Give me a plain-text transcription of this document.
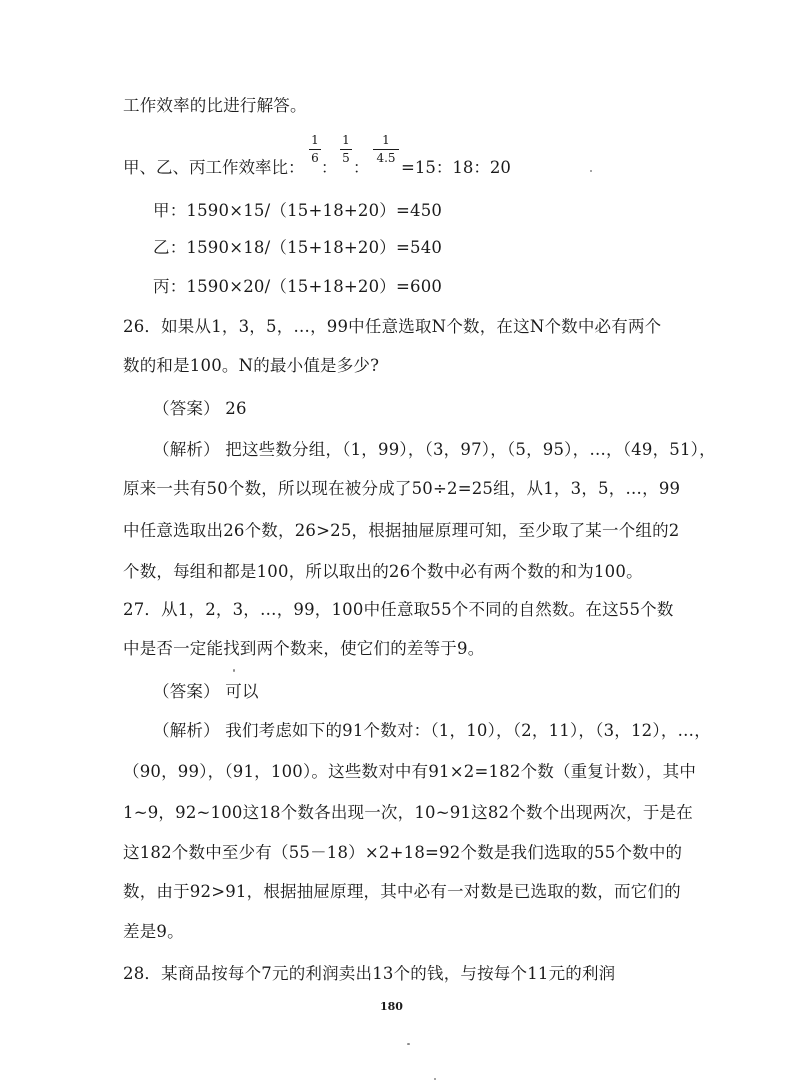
工作效率的比进行解答。
甲、乙、丙工作效率比：
1
6 ：
1
5 ：
1
4.5 =15：18：20
甲：1590×15/（15+18+20）=450
乙：1590×18/（15+18+20）=540
丙：1590×20/（15+18+20）=600
26．如果从1，3，5，…，99中任意选取N个数，在这N个数中必有两个
数的和是100。N的最小值是多少?
（答案） 26
（解析） 把这些数分组，（1，99），（3，97），（5，95），…，（49，51），
原来一共有50个数，所以现在被分成了50÷2=25组，从1，3，5，…，99
中任意选取出26个数，26>25，根据抽屉原理可知，至少取了某一个组的2
个数，每组和都是100，所以取出的26个数中必有两个数的和为100。
27．从1，2，3，…，99，100中任意取55个不同的自然数。在这55个数
中是否一定能找到两个数来，使它们的差等于9。
（答案） 可以
（解析） 我们考虑如下的91个数对：（1，10），（2，11），（3，12），…，
（90，99），（91，100）。这些数对中有91×2=182个数（重复计数），其中
1~9，92~100这18个数各出现一次，10~91这82个数个出现两次，于是在
这182个数中至少有（55－18）×2+18=92个数是我们选取的55个数中的
数，由于92>91，根据抽屉原理，其中必有一对数是已选取的数，而它们的
差是9。
28．某商品按每个7元的利润卖出13个的钱，与按每个11元的利润
180
